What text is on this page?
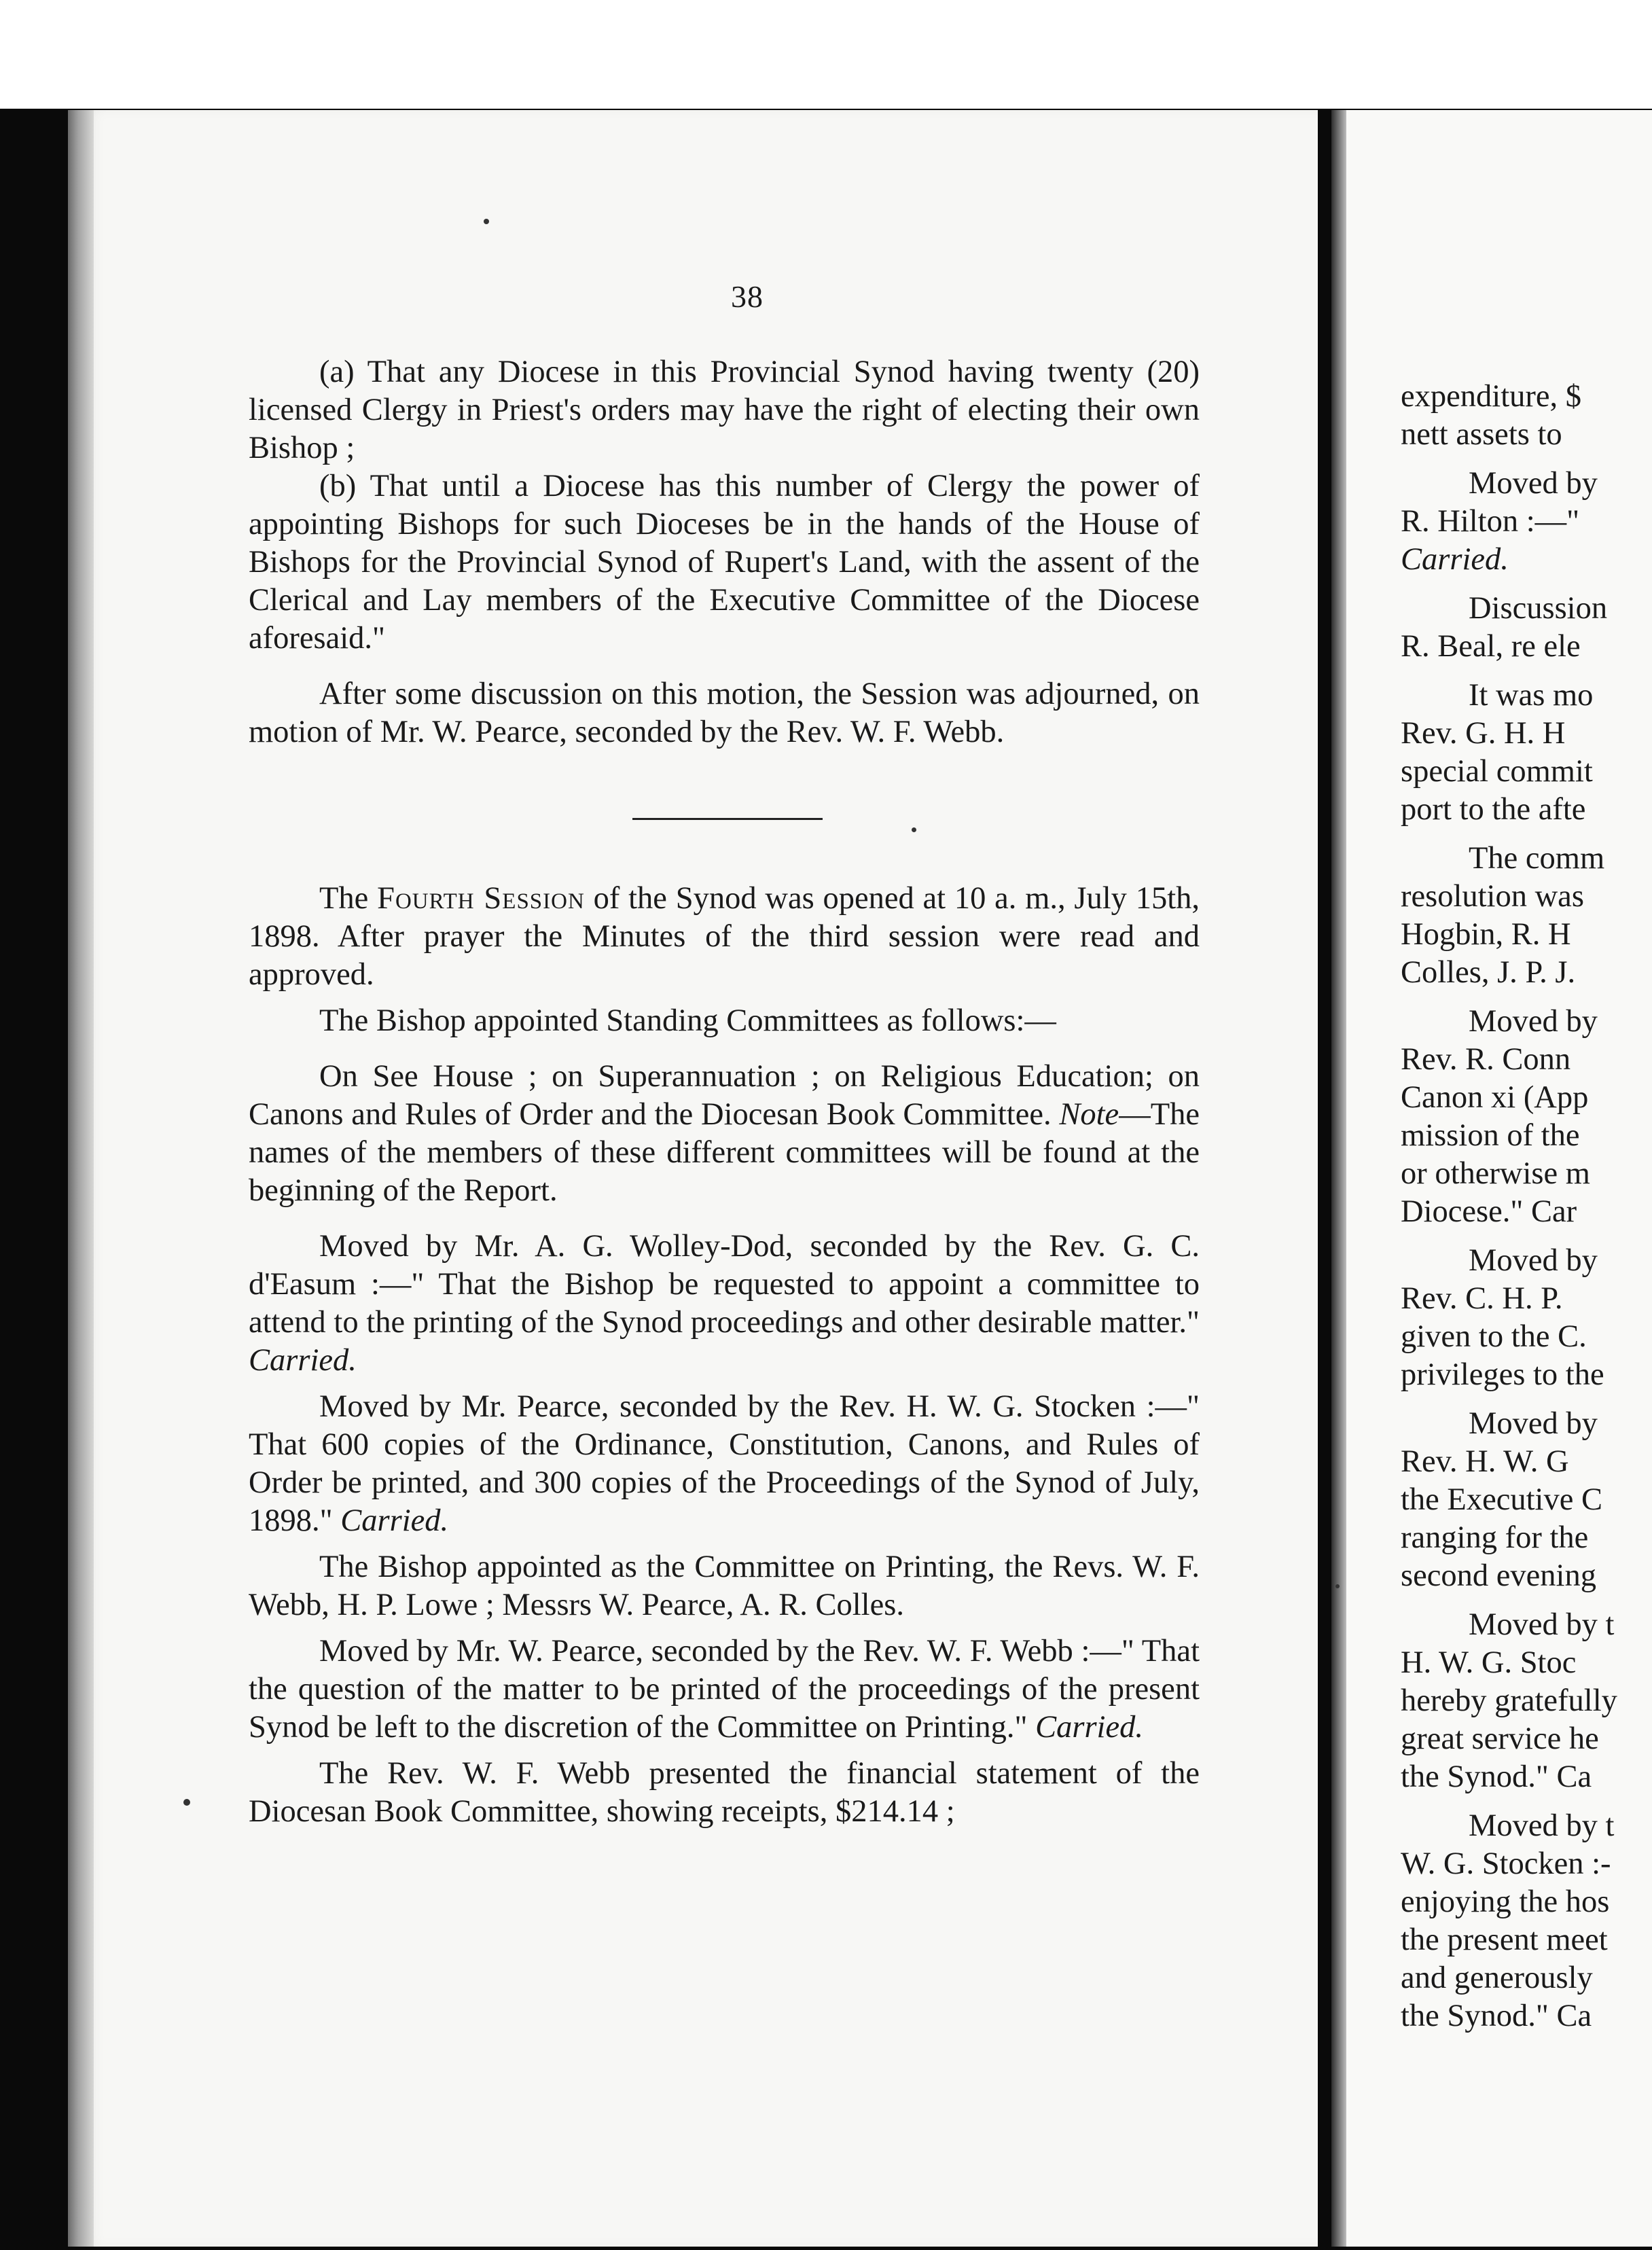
38

(a) That any Diocese in this Provincial Synod having twenty (20) licensed Clergy in Priest's orders may have the right of electing their own Bishop ;

(b) That until a Diocese has this number of Clergy the power of appointing Bishops for such Dioceses be in the hands of the House of Bishops for the Provincial Synod of Rupert's Land, with the assent of the Clerical and Lay members of the Executive Committee of the Diocese aforesaid."

After some discussion on this motion, the Session was adjourned, on motion of Mr. W. Pearce, seconded by the Rev. W. F. Webb.

The Fourth Session of the Synod was opened at 10 a. m., July 15th, 1898. After prayer the Minutes of the third session were read and approved.

The Bishop appointed Standing Committees as follows:—

On See House ; on Superannuation ; on Religious Education; on Canons and Rules of Order and the Diocesan Book Committee. Note—The names of the members of these different committees will be found at the beginning of the Report.

Moved by Mr. A. G. Wolley-Dod, seconded by the Rev. G. C. d'Easum :—" That the Bishop be requested to appoint a committee to attend to the printing of the Synod proceedings and other desirable matter." Carried.

Moved by Mr. Pearce, seconded by the Rev. H. W. G. Stocken :—" That 600 copies of the Ordinance, Constitution, Canons, and Rules of Order be printed, and 300 copies of the Proceedings of the Synod of July, 1898." Carried.

The Bishop appointed as the Committee on Printing, the Revs. W. F. Webb, H. P. Lowe ; Messrs W. Pearce, A. R. Colles.

Moved by Mr. W. Pearce, seconded by the Rev. W. F. Webb :—" That the question of the matter to be printed of the proceedings of the present Synod be left to the discretion of the Committee on Printing." Carried.

The Rev. W. F. Webb presented the financial statement of the Diocesan Book Committee, showing receipts, $214.14 ;

expenditure, $
nett assets to
Moved by
R. Hilton :—"
Carried.
Discussion
R. Beal, re ele
It was mo
Rev. G. H. H
special commit
port to the afte
The comm
resolution was
Hogbin, R. H
Colles, J. P. J.
Moved by
Rev. R. Conn
Canon xi (App
mission of the
or otherwise m
Diocese." Car
Moved by
Rev. C. H. P.
given to the C.
privileges to the
Moved by
Rev. H. W. G
the Executive C
ranging for the
second evening
Moved by t
H. W. G. Stoc
hereby gratefully
great service he
the Synod." Ca
Moved by t
W. G. Stocken :-
enjoying the hos
the present meet
and generously
the Synod." Ca
